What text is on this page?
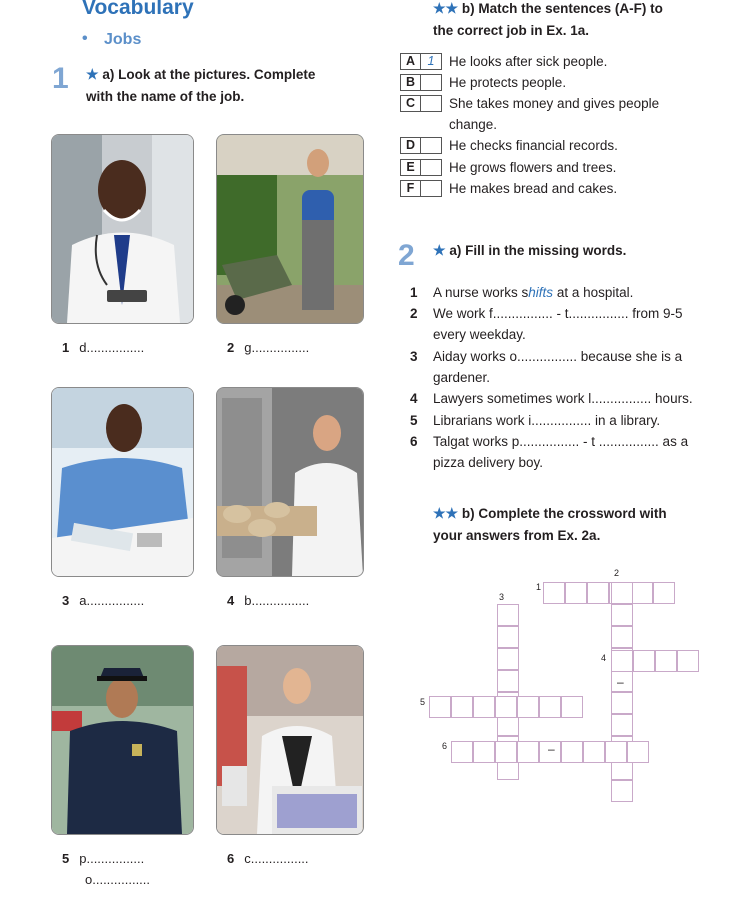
Vocabulary
• Jobs
1 ★ a) Look at the pictures. Complete
with the name of the job.
1 d................	2 g................
3 a................	4 b................
5 p................
o................
6 c................
★★ b) Match the sentences (A-F) to
the correct job in Ex. 1a.
A	1	He looks after sick people.
B	He protects people.
C	She takes money and gives people
change.
D	He checks financial records.
E	He grows flowers and trees.
F	He makes bread and cakes.
2 ★ a) Fill in the missing words.
1 A nurse works shifts at a hospital.
2 We work f................ - t................ from 9-5
every weekday.
3 Aiday works o................ because she is a
gardener.
4 Lawyers sometimes work l................ hours.
5 Librarians work i................ in a library.
6 Talgat works p................ - t ................ as a
pizza delivery boy.
★★ b) Complete the crossword with
your answers from Ex. 2a.
1
2
3
4
5
6
–
–
